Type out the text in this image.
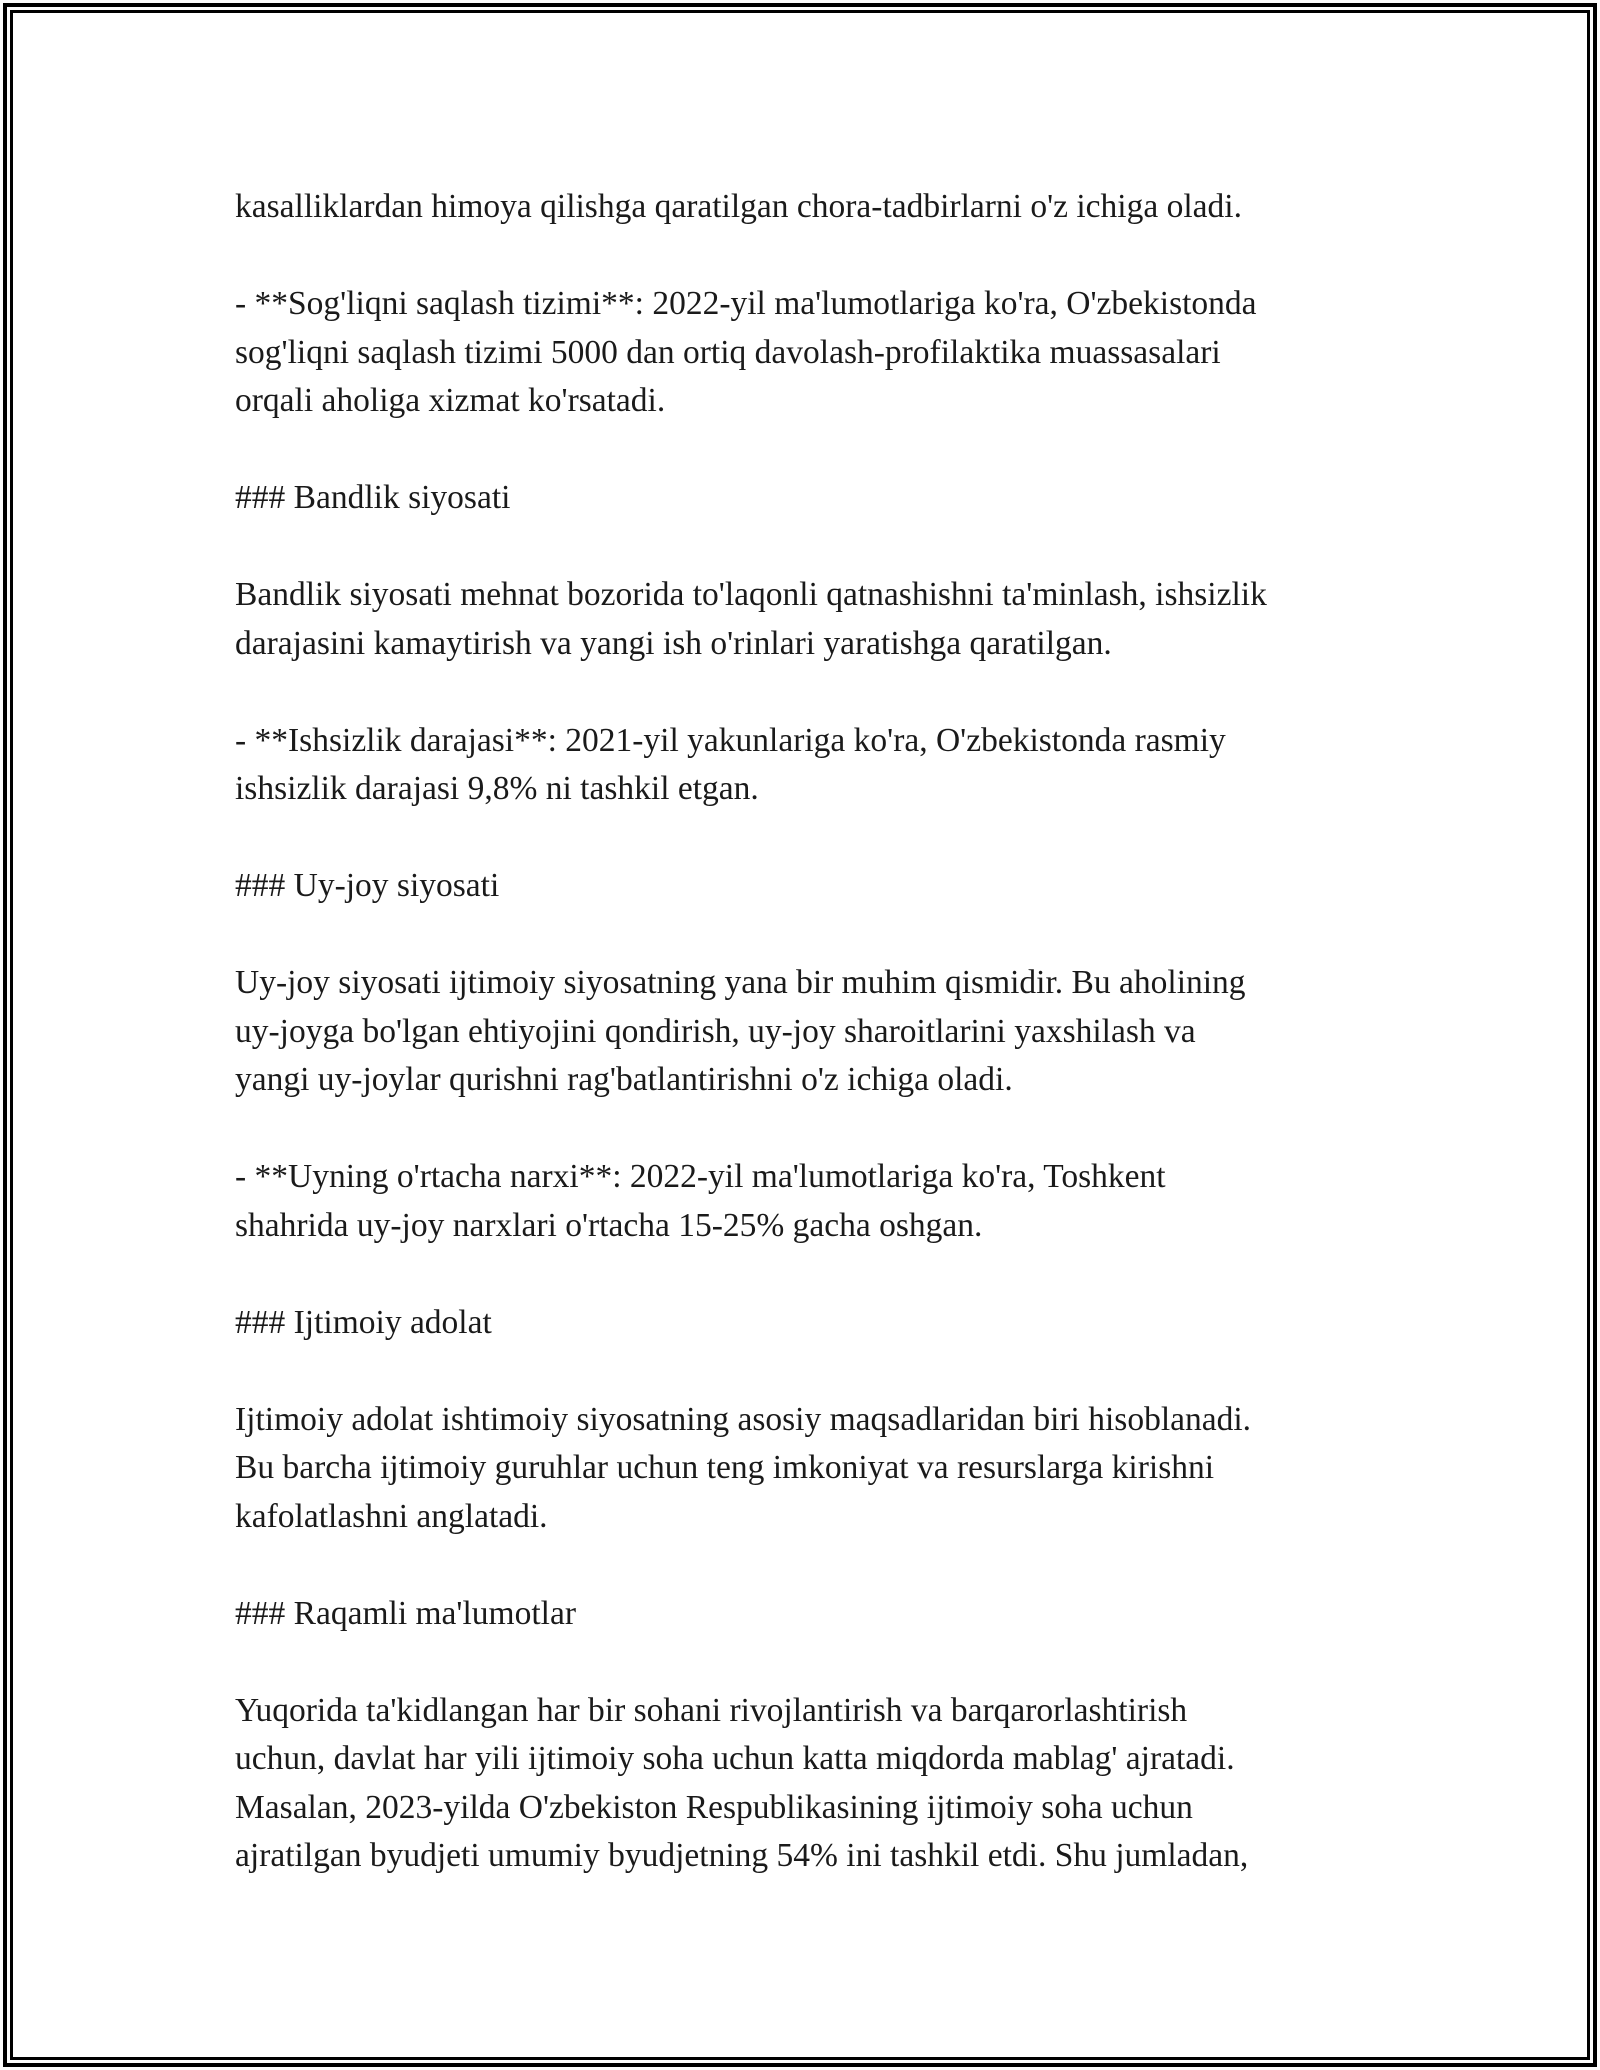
kasalliklardan himoya qilishga qaratilgan chora-tadbirlarni o'z ichiga oladi.
- **Sog'liqni saqlash tizimi**: 2022-yil ma'lumotlariga ko'ra, O'zbekistonda
sog'liqni saqlash tizimi 5000 dan ortiq davolash-profilaktika muassasalari
orqali aholiga xizmat ko'rsatadi.
### Bandlik siyosati
Bandlik siyosati mehnat bozorida to'laqonli qatnashishni ta'minlash, ishsizlik
darajasini kamaytirish va yangi ish o'rinlari yaratishga qaratilgan.
- **Ishsizlik darajasi**: 2021-yil yakunlariga ko'ra, O'zbekistonda rasmiy
ishsizlik darajasi 9,8% ni tashkil etgan.
### Uy-joy siyosati
Uy-joy siyosati ijtimoiy siyosatning yana bir muhim qismidir. Bu aholining
uy-joyga bo'lgan ehtiyojini qondirish, uy-joy sharoitlarini yaxshilash va
yangi uy-joylar qurishni rag'batlantirishni o'z ichiga oladi.
- **Uyning o'rtacha narxi**: 2022-yil ma'lumotlariga ko'ra, Toshkent
shahrida uy-joy narxlari o'rtacha 15-25% gacha oshgan.
### Ijtimoiy adolat
Ijtimoiy adolat ishtimoiy siyosatning asosiy maqsadlaridan biri hisoblanadi.
Bu barcha ijtimoiy guruhlar uchun teng imkoniyat va resurslarga kirishni
kafolatlashni anglatadi.
### Raqamli ma'lumotlar
Yuqorida ta'kidlangan har bir sohani rivojlantirish va barqarorlashtirish
uchun, davlat har yili ijtimoiy soha uchun katta miqdorda mablag' ajratadi.
Masalan, 2023-yilda O'zbekiston Respublikasining ijtimoiy soha uchun
ajratilgan byudjeti umumiy byudjetning 54% ini tashkil etdi. Shu jumladan,
